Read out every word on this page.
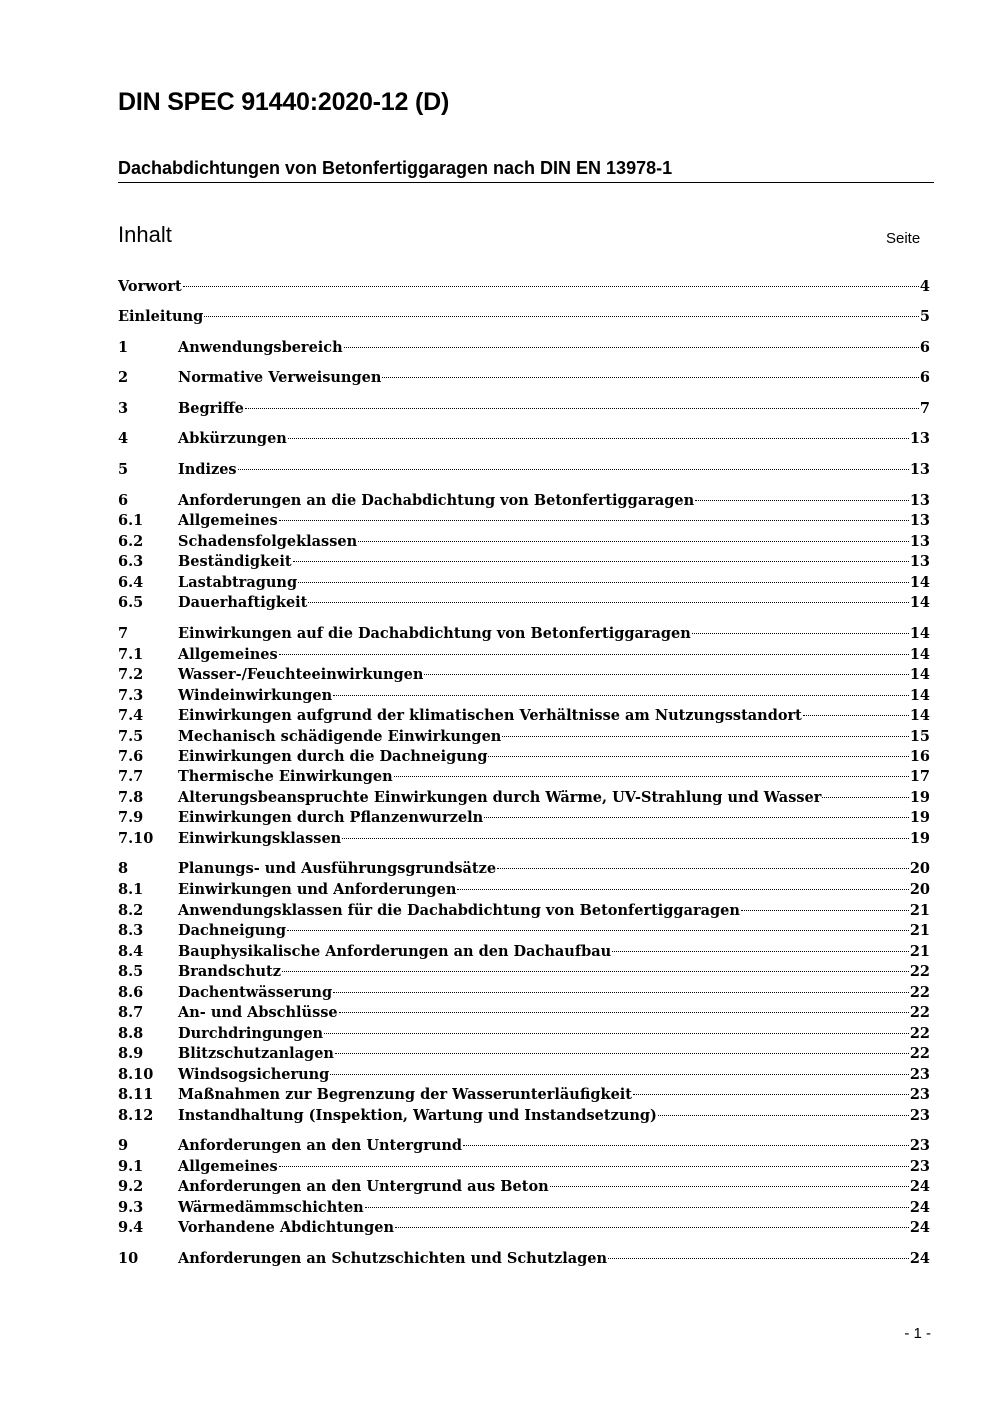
DIN SPEC 91440:2020-12 (D)
Dachabdichtungen von Betonfertiggaragen nach DIN EN 13978-1
Inhalt	Seite
Vorwort	4
Einleitung	5
1	Anwendungsbereich	6
2	Normative Verweisungen	6
3	Begriffe	7
4	Abkürzungen	13
5	Indizes	13
6	Anforderungen an die Dachabdichtung von Betonfertiggaragen	13
6.1	Allgemeines	13
6.2	Schadensfolgeklassen	13
6.3	Beständigkeit	13
6.4	Lastabtragung	14
6.5	Dauerhaftigkeit	14
7	Einwirkungen auf die Dachabdichtung von Betonfertiggaragen	14
7.1	Allgemeines	14
7.2	Wasser-/Feuchteeinwirkungen	14
7.3	Windeinwirkungen	14
7.4	Einwirkungen aufgrund der klimatischen Verhältnisse am Nutzungsstandort	14
7.5	Mechanisch schädigende Einwirkungen	15
7.6	Einwirkungen durch die Dachneigung	16
7.7	Thermische Einwirkungen	17
7.8	Alterungsbeanspruchte Einwirkungen durch Wärme, UV-Strahlung und Wasser	19
7.9	Einwirkungen durch Pflanzenwurzeln	19
7.10	Einwirkungsklassen	19
8	Planungs- und Ausführungsgrundsätze	20
8.1	Einwirkungen und Anforderungen	20
8.2	Anwendungsklassen für die Dachabdichtung von Betonfertiggaragen	21
8.3	Dachneigung	21
8.4	Bauphysikalische Anforderungen an den Dachaufbau	21
8.5	Brandschutz	22
8.6	Dachentwässerung	22
8.7	An- und Abschlüsse	22
8.8	Durchdringungen	22
8.9	Blitzschutzanlagen	22
8.10	Windsogsicherung	23
8.11	Maßnahmen zur Begrenzung der Wasserunterläufigkeit	23
8.12	Instandhaltung (Inspektion, Wartung und Instandsetzung)	23
9	Anforderungen an den Untergrund	23
9.1	Allgemeines	23
9.2	Anforderungen an den Untergrund aus Beton	24
9.3	Wärmedämmschichten	24
9.4	Vorhandene Abdichtungen	24
10	Anforderungen an Schutzschichten und Schutzlagen	24
- 1 -
